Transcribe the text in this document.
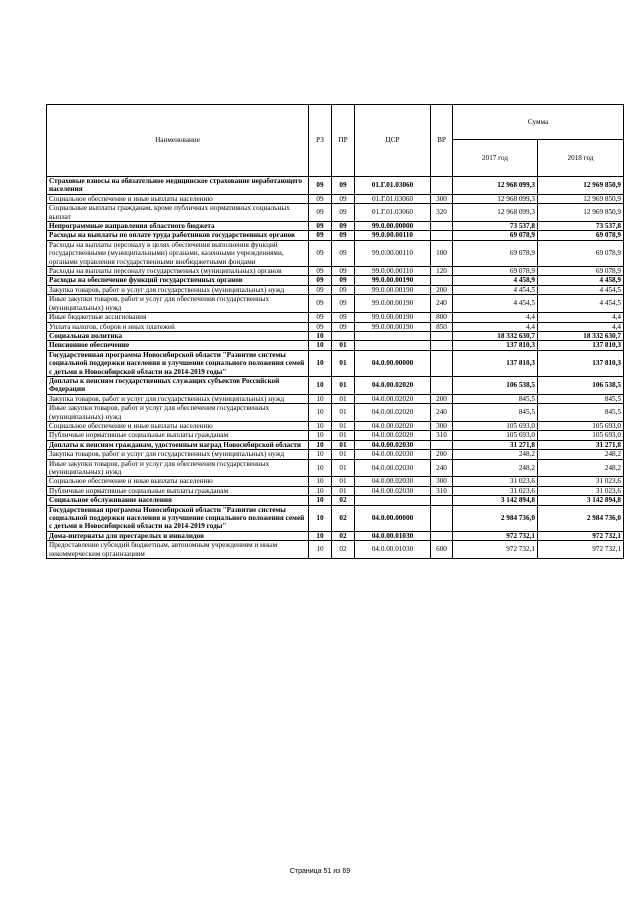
Наименование	РЗ	ПР	ЦСР	ВР	Сумма	
					2017 год	2018 год
Страховые взносы на обязательное медицинское страхование неработающего населения	09	09	01.Г.01.03060		12 968 099,3	12 969 850,9
Социальное обеспечение и иные выплаты населению	09	09	01.Г.01.03060	300	12 968 099,3	12 969 850,9
Социальные выплаты гражданам, кроме публичных нормативных социальных выплат	09	09	01.Г.01.03060	320	12 968 099,3	12 969 850,9
Непрограммные направления областного бюджета	09	09	99.0.00.00000		73 537,8	73 537,8
Расходы на выплаты по оплате труда работников государственных органов	09	09	99.0.00.00110		69 078,9	69 078,9
Расходы на выплаты персоналу в целях обеспечения выполнения функций государственными (муниципальными) органами, казенными учреждениями, органами управления государственными внебюджетными фондами	09	09	99.0.00.00110	100	69 078,9	69 078,9
Расходы на выплаты персоналу государственных (муниципальных) органов	09	09	99.0.00.00110	120	69 078,9	69 078,9
Расходы на обеспечение функций государственных органов	09	09	99.0.00.00190		4 458,9	4 458,9
Закупка товаров, работ и услуг для государственных (муниципальных) нужд	09	09	99.0.00.00190	200	4 454,5	4 454,5
Иные закупки товаров, работ и услуг для обеспечения государственных (муниципальных) нужд	09	09	99.0.00.00190	240	4 454,5	4 454,5
Иные бюджетные ассигнования	09	09	99.0.00.00190	800	4,4	4,4
Уплата налогов, сборов и иных платежей	09	09	99.0.00.00190	850	4,4	4,4
Социальная политика	10				18 332 630,7	18 332 630,7
Пенсионное обеспечение	10	01			137 810,3	137 810,3
Государственная программа Новосибирской области "Развитие системы социальной поддержки населения и улучшение социального положения семей с детьми в Новосибирской области на 2014-2019 годы"	10	01	04.0.00.00000		137 810,3	137 810,3
Доплаты к пенсиям государственных служащих субъектов Российской Федерации	10	01	04.0.00.02020		106 538,5	106 538,5
Закупка товаров, работ и услуг для государственных (муниципальных) нужд	10	01	04.0.00.02020	200	845,5	845,5
Иные закупки товаров, работ и услуг для обеспечения государственных (муниципальных) нужд	10	01	04.0.00.02020	240	845,5	845,5
Социальное обеспечение и иные выплаты населению	10	01	04.0.00.02020	300	105 693,0	105 693,0
Публичные нормативные социальные выплаты гражданам	10	01	04.0.00.02020	310	105 693,0	105 693,0
Доплаты к пенсиям гражданам, удостоенным наград Новосибирской области	10	01	04.0.00.02030		31 271,8	31 271,8
Закупка товаров, работ и услуг для государственных (муниципальных) нужд	10	01	04.0.00.02030	200	248,2	248,2
Иные закупки товаров, работ и услуг для обеспечения государственных (муниципальных) нужд	10	01	04.0.00.02030	240	248,2	248,2
Социальное обеспечение и иные выплаты населению	10	01	04.0.00.02030	300	31 023,6	31 023,6
Публичные нормативные социальные выплаты гражданам	10	01	04.0.00.02030	310	31 023,6	31 023,6
Социальное обслуживание населения	10	02			3 142 894,8	3 142 894,8
Государственная программа Новосибирской области "Развитие системы социальной поддержки населения и улучшение социального положения семей с детьми в Новосибирской области на 2014-2019 годы"	10	02	04.0.00.00000		2 984 736,0	2 984 736,0
Дома-интернаты для престарелых и инвалидов	10	02	04.0.00.01030		972 732,1	972 732,1
Предоставление субсидий бюджетным, автономным учреждениям и иным некоммерческим организациям	10	02	04.0.00.01030	600	972 732,1	972 732,1
Страница 51 из 69
